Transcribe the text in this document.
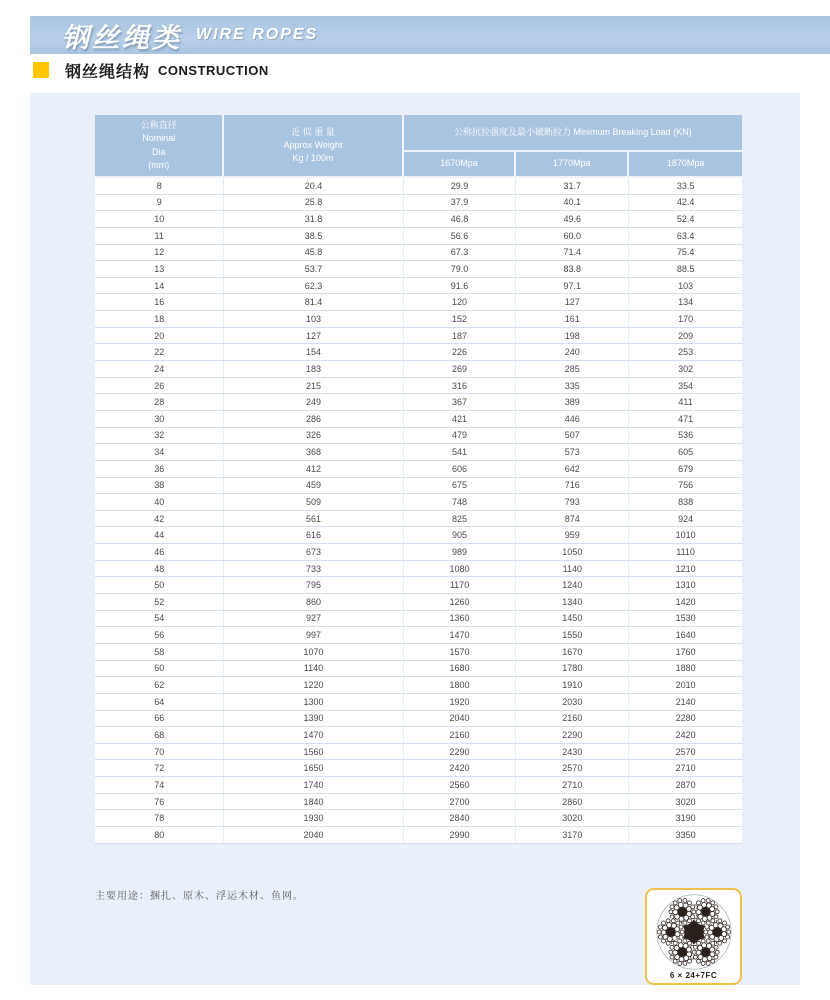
钢丝绳类 WIRE ROPES
钢丝绳结构 CONSTRUCTION
公称直径
Nominal
Dia
(mm)

近 似 重 量
Approx Weight
Kg / 100m
	公称抗拉强度及最小破断拉力 Minimum Breaking Load (KN)
		1670Mpa	1770Mpa	1870Mpa
8	20.4	29.9	31.7	33.5
9	25.8	37.9	40.1	42.4
10	31.8	46.8	49.6	52.4
11	38.5	56.6	60.0	63.4
12	45.8	67.3	71.4	75.4
13	53.7	79.0	83.8	88.5
14	62.3	91.6	97.1	103
16	81.4	120	127	134
18	103	152	161	170
20	127	187	198	209
22	154	226	240	253
24	183	269	285	302
26	215	316	335	354
28	249	367	389	411
30	286	421	446	471
32	326	479	507	536
34	368	541	573	605
36	412	606	642	679
38	459	675	716	756
40	509	748	793	838
42	561	825	874	924
44	616	905	959	1010
46	673	989	1050	1110
48	733	1080	1140	1210
50	795	1170	1240	1310
52	860	1260	1340	1420
54	927	1360	1450	1530
56	997	1470	1550	1640
58	1070	1570	1670	1760
60	1140	1680	1780	1880
62	1220	1800	1910	2010
64	1300	1920	2030	2140
66	1390	2040	2160	2280
68	1470	2160	2290	2420
70	1560	2290	2430	2570
72	1650	2420	2570	2710
74	1740	2560	2710	2870
76	1840	2700	2860	3020
78	1930	2840	3020	3190
80	2040	2990	3170	3350
主要用途：捆扎、原木、浮运木材、鱼网。
6 × 24+7FC
